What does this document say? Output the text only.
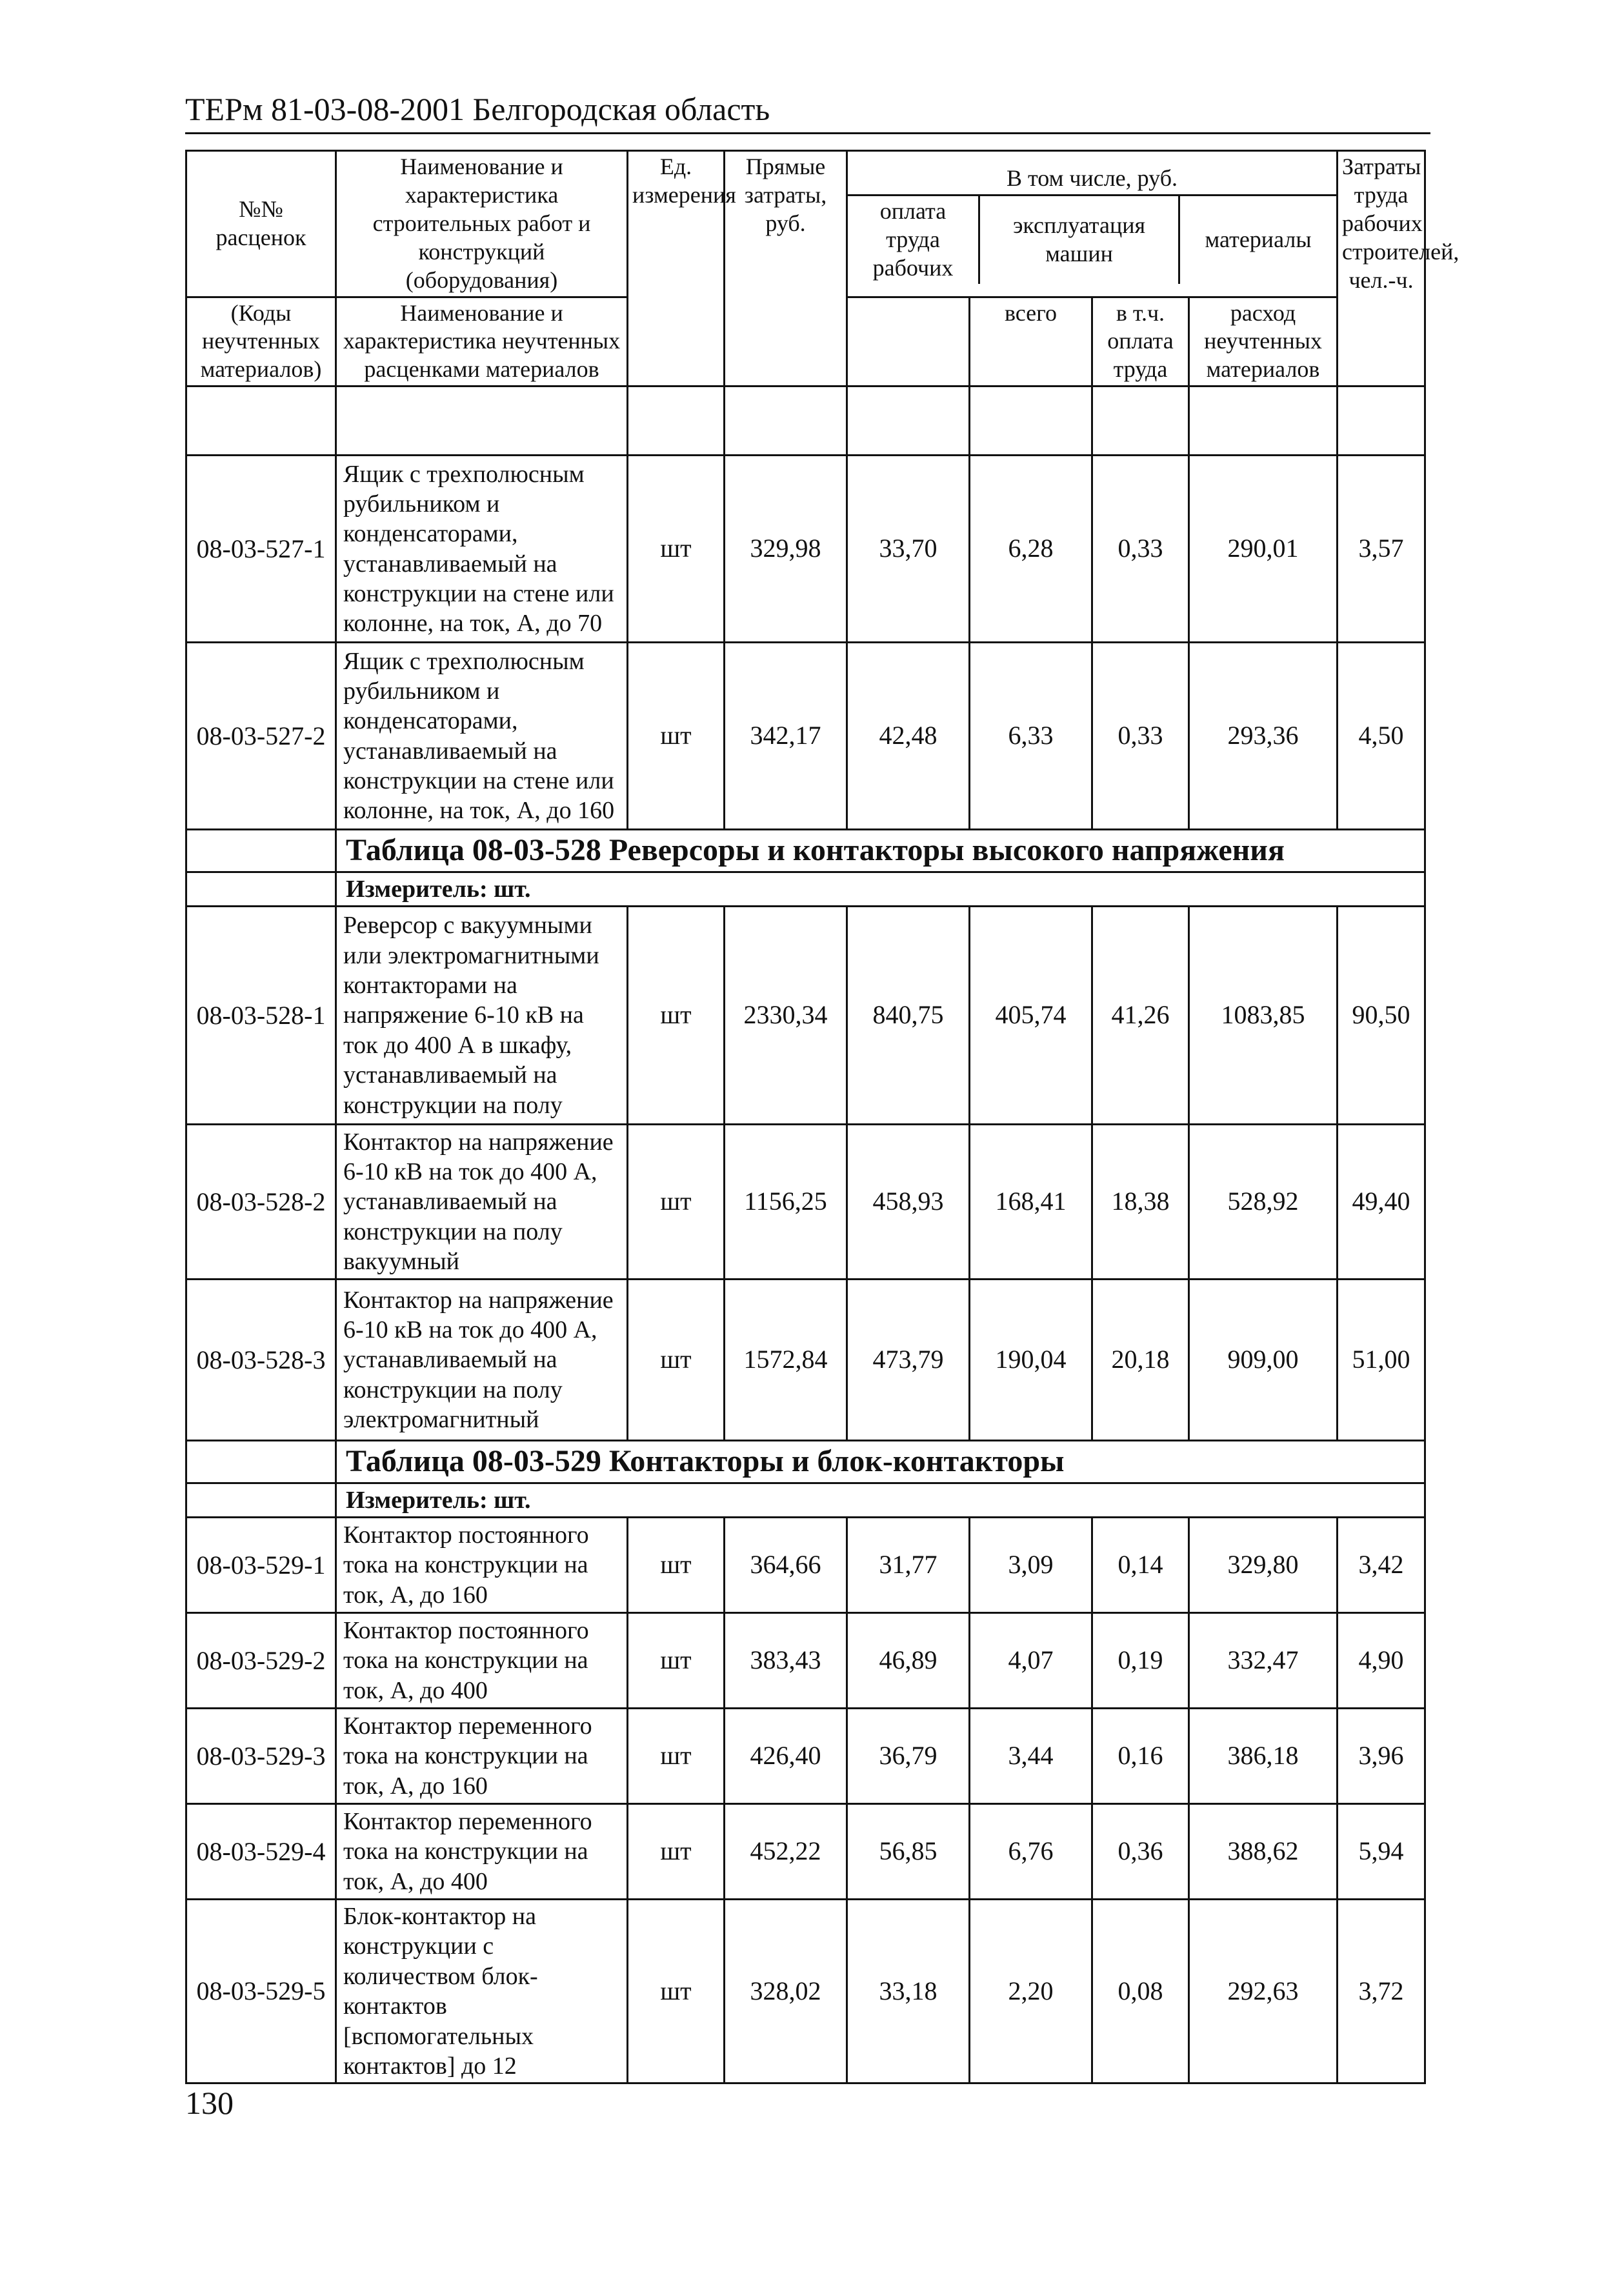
ТЕРм 81-03-08-2001 Белгородская область
№№ расценок	Наименование и характеристика строительных работ и конструкций (оборудования)	Ед. измерения	Прямые затраты, руб.	
В том числе, руб.
оплата труда рабочих	эксплуатация машин	материалы
	Затраты труда рабочих строителей, чел.-ч.
(Коды неучтенных материалов)	Наименование и характеристика неучтенных расценками материалов		всего	в т.ч. оплата труда	расход неучтенных материалов

08-03-527-1	Ящик с трехполюсным рубильником и конденсаторами, устанавливаемый на конструкции на стене или колонне, на ток, А, до 70	шт	329,98	33,70	6,28	0,33	290,01	3,57
08-03-527-2	Ящик с трехполюсным рубильником и конденсаторами, устанавливаемый на конструкции на стене или колонне, на ток, А, до 160	шт	342,17	42,48	6,33	0,33	293,36	4,50
	Таблица 08-03-528 Реверсоры и контакторы высокого напряжения
	Измеритель: шт.
08-03-528-1	Реверсор с вакуумными или электромагнитными контакторами на напряжение 6-10 кВ на ток до 400 А в шкафу, устанавливаемый на конструкции на полу	шт	2330,34	840,75	405,74	41,26	1083,85	90,50
08-03-528-2	Контактор на напряжение 6-10 кВ на ток до 400 А, устанавливаемый на конструкции на полу вакуумный	шт	1156,25	458,93	168,41	18,38	528,92	49,40
08-03-528-3	Контактор на напряжение 6-10 кВ на ток до 400 А, устанавливаемый на конструкции на полу электромагнитный	шт	1572,84	473,79	190,04	20,18	909,00	51,00
	Таблица 08-03-529 Контакторы и блок-контакторы
	Измеритель: шт.
08-03-529-1	Контактор постоянного тока на конструкции на ток, А, до 160	шт	364,66	31,77	3,09	0,14	329,80	3,42
08-03-529-2	Контактор постоянного тока на конструкции на ток, А, до 400	шт	383,43	46,89	4,07	0,19	332,47	4,90
08-03-529-3	Контактор переменного тока на конструкции на ток, А, до 160	шт	426,40	36,79	3,44	0,16	386,18	3,96
08-03-529-4	Контактор переменного тока на конструкции на ток, А, до 400	шт	452,22	56,85	6,76	0,36	388,62	5,94
08-03-529-5	Блок-контактор на конструкции с количеством блок-контактов [вспомогательных контактов] до 12	шт	328,02	33,18	2,20	0,08	292,63	3,72
130
